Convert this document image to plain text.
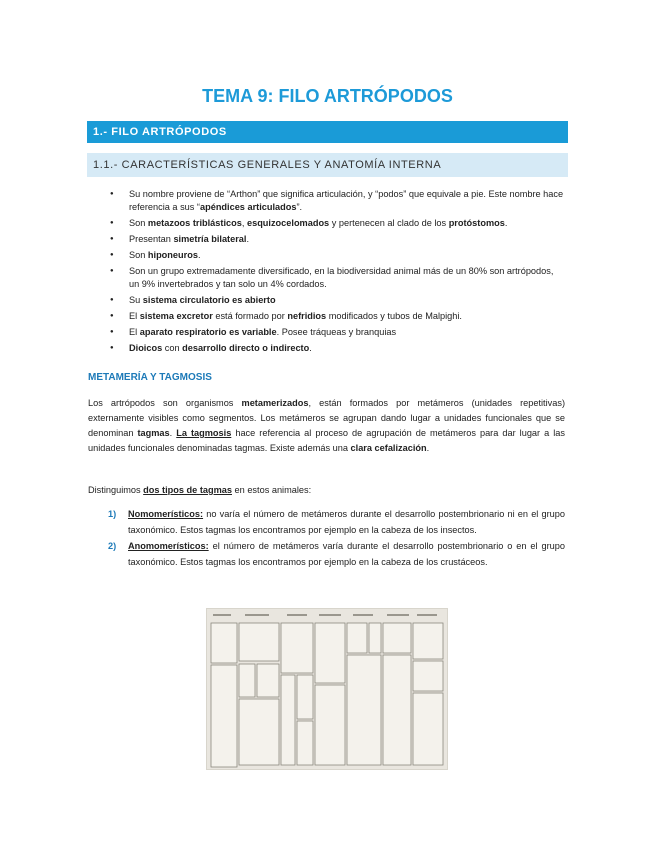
TEMA 9: FILO ARTRÓPODOS
1.- FILO ARTRÓPODOS
1.1.- CARACTERÍSTICAS GENERALES Y ANATOMÍA INTERNA
● Su nombre proviene de “Arthon” que significa articulación, y “podos” que equivale a pie. Este nombre hace referencia a sus “apéndices articulados”.
● Son metazoos triblásticos, esquizocelomados y pertenecen al clado de los protóstomos.
● Presentan simetría bilateral.
● Son hiponeuros.
● Son un grupo extremadamente diversificado, en la biodiversidad animal más de un 80% son artrópodos, un 9% invertebrados y tan solo un 4% cordados.
● Su sistema circulatorio es abierto
● El sistema excretor está formado por nefridios modificados y tubos de Malpighi.
● El aparato respiratorio es variable. Posee tráqueas y branquias
● Dioicos con desarrollo directo o indirecto.
METAMERÍA Y TAGMOSIS

Los artrópodos son organismos metamerizados, están formados por metámeros (unidades repetitivas) externamente visibles como segmentos. Los metámeros se agrupan dando lugar a unidades funcionales que se denominan tagmas. La tagmosis hace referencia al proceso de agrupación de metámeros para dar lugar a las unidades funcionales denominadas tagmas. Existe además una clara cefalización.

Distinguimos dos tipos de tagmas en estos animales:

1) Nomomerísticos: no varía el número de metámeros durante el desarrollo postembrionario ni en el grupo taxonómico. Estos tagmas los encontramos por ejemplo en la cabeza de los insectos.
2) Anomomerísticos: el número de metámeros varía durante el desarrollo postembrionario o en el grupo taxonómico. Estos tagmas los encontramos por ejemplo en la cabeza de los crustáceos.
